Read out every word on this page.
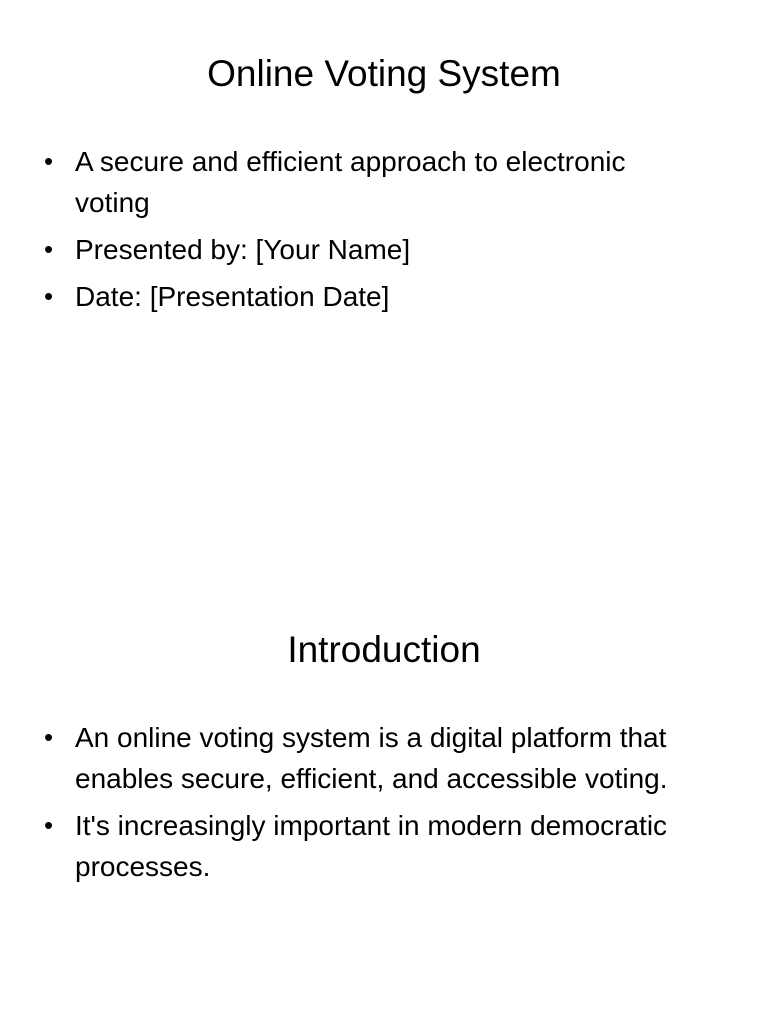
Online Voting System
• A secure and efficient approach to electronic voting
• Presented by: [Your Name]
• Date: [Presentation Date]
Introduction
• An online voting system is a digital platform that enables secure, efficient, and accessible voting.
• It's increasingly important in modern democratic processes.
